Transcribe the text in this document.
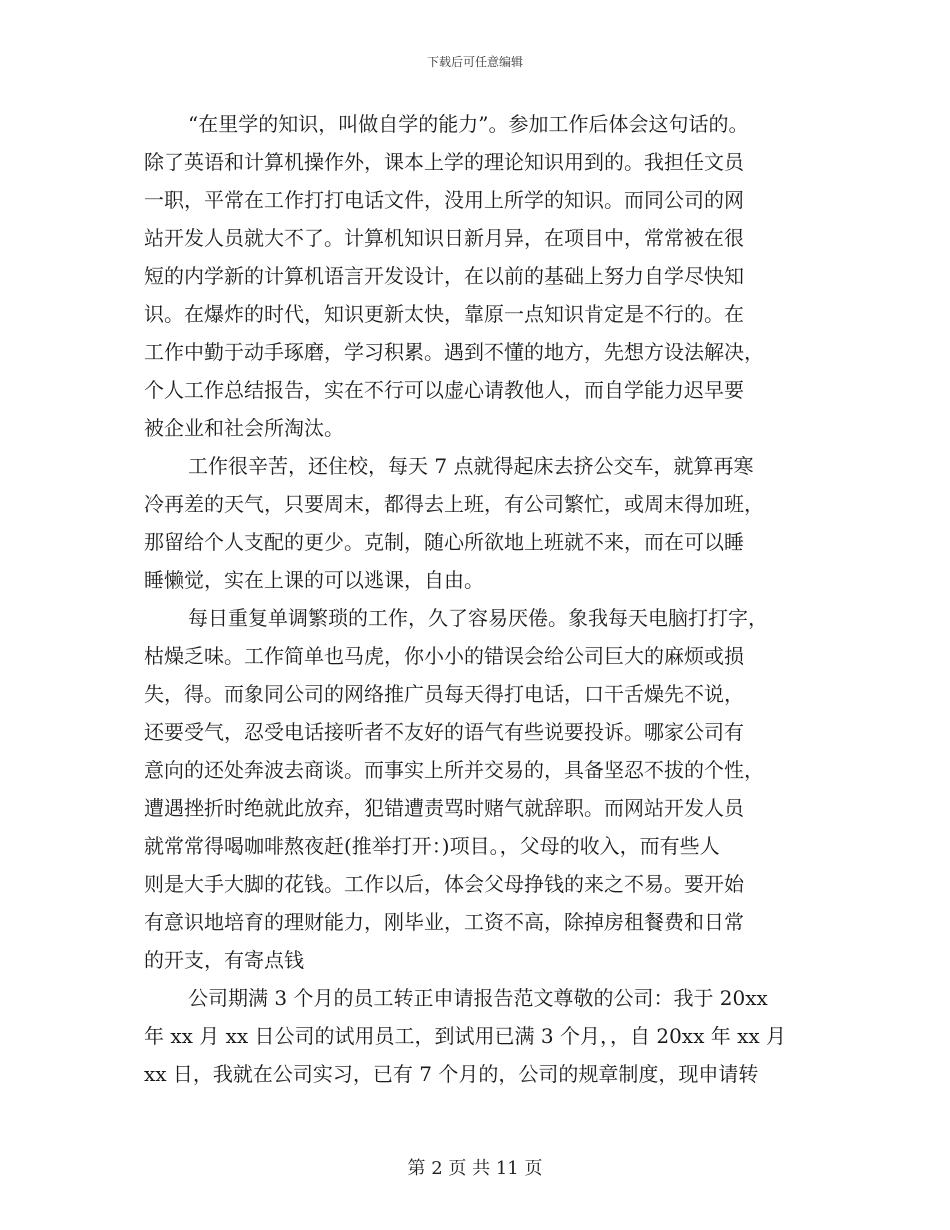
下载后可任意编辑
“在里学的知识，叫做自学的能力”。参加工作后体会这句话的。
除了英语和计算机操作外，课本上学的理论知识用到的。我担任文员
一职，平常在工作打打电话文件，没用上所学的知识。而同公司的网
站开发人员就大不了。计算机知识日新月异，在项目中，常常被在很
短的内学新的计算机语言开发设计，在以前的基础上努力自学尽快知
识。在爆炸的时代，知识更新太快，靠原一点知识肯定是不行的。在
工作中勤于动手琢磨，学习积累。遇到不懂的地方，先想方设法解决，
个人工作总结报告，实在不行可以虚心请教他人，而自学能力迟早要
被企业和社会所淘汰。
工作很辛苦，还住校，每天 7 点就得起床去挤公交车，就算再寒
冷再差的天气，只要周末，都得去上班，有公司繁忙，或周末得加班，
那留给个人支配的更少。克制，随心所欲地上班就不来，而在可以睡
睡懒觉，实在上课的可以逃课，自由。
每日重复单调繁琐的工作，久了容易厌倦。象我每天电脑打打字，
枯燥乏味。工作简单也马虎，你小小的错误会给公司巨大的麻烦或损
失，得。而象同公司的网络推广员每天得打电话，口干舌燥先不说，
还要受气，忍受电话接听者不友好的语气有些说要投诉。哪家公司有
意向的还处奔波去商谈。而事实上所并交易的，具备坚忍不拔的个性，
遭遇挫折时绝就此放弃，犯错遭责骂时赌气就辞职。而网站开发人员
就常常得喝咖啡熬夜赶(推举打开：)项目。，父母的收入，而有些人
则是大手大脚的花钱。工作以后，体会父母挣钱的来之不易。要开始
有意识地培育的理财能力，刚毕业，工资不高，除掉房租餐费和日常
的开支，有寄点钱
公司期满 3 个月的员工转正申请报告范文尊敬的公司：我于 20xx
年 xx 月 xx 日公司的试用员工，到试用已满 3 个月，，自 20xx 年 xx 月
xx 日，我就在公司实习，已有 7 个月的，公司的规章制度，现申请转
第 2 页 共 11 页
